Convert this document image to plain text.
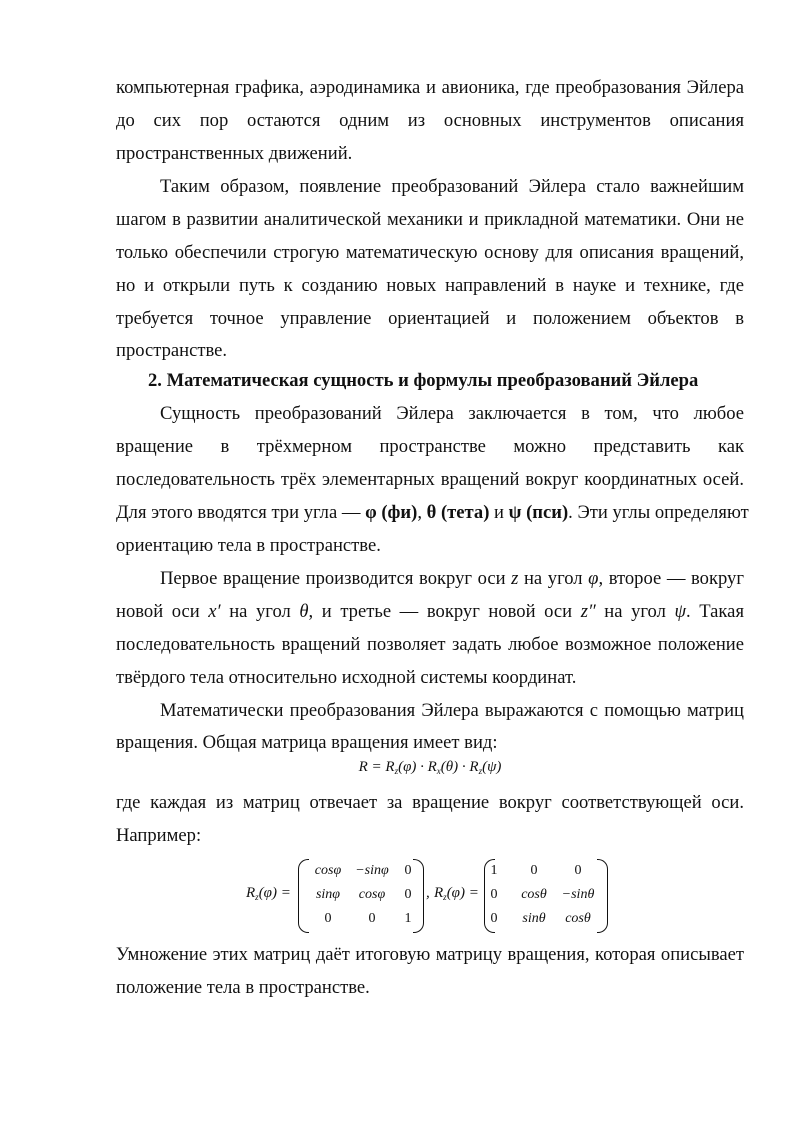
компьютерная графика, аэродинамика и авионика, где преобразования Эйлера
до сих пор остаются одним из основных инструментов описания
пространственных движений.
Таким образом, появление преобразований Эйлера стало важнейшим
шагом в развитии аналитической механики и прикладной математики. Они не
только обеспечили строгую математическую основу для описания вращений,
но и открыли путь к созданию новых направлений в науке и технике, где
требуется точное управление ориентацией и положением объектов в
пространстве.
2. Математическая сущность и формулы преобразований Эйлера
Сущность преобразований Эйлера заключается в том, что любое
вращение в трёхмерном пространстве можно представить как
последовательность трёх элементарных вращений вокруг координатных осей.
Для этого вводятся три угла — φ (фи), θ (тета) и ψ (пси). Эти углы определяют
ориентацию тела в пространстве.
Первое вращение производится вокруг оси z на угол φ, второе — вокруг
новой оси x′ на угол θ, и третье — вокруг новой оси z″ на угол ψ. Такая
последовательность вращений позволяет задать любое возможное положение
твёрдого тела относительно исходной системы координат.
Математически преобразования Эйлера выражаются с помощью матриц
вращения. Общая матрица вращения имеет вид:
$R = R_z(\varphi) \cdot R_x(\theta) \cdot R_z(\psi)$
где каждая из матриц отвечает за вращение вокруг соответствующей оси.
Например:
$R_z(\varphi)$ =
cosφ	−sinφ	0
sinφ	cosφ	0
0	0	1
, $R_z(\varphi)$ =
1	0	0
0	cosθ	−sinθ
0	sinθ	cosθ
Умножение этих матриц даёт итоговую матрицу вращения, которая описывает
положение тела в пространстве.
